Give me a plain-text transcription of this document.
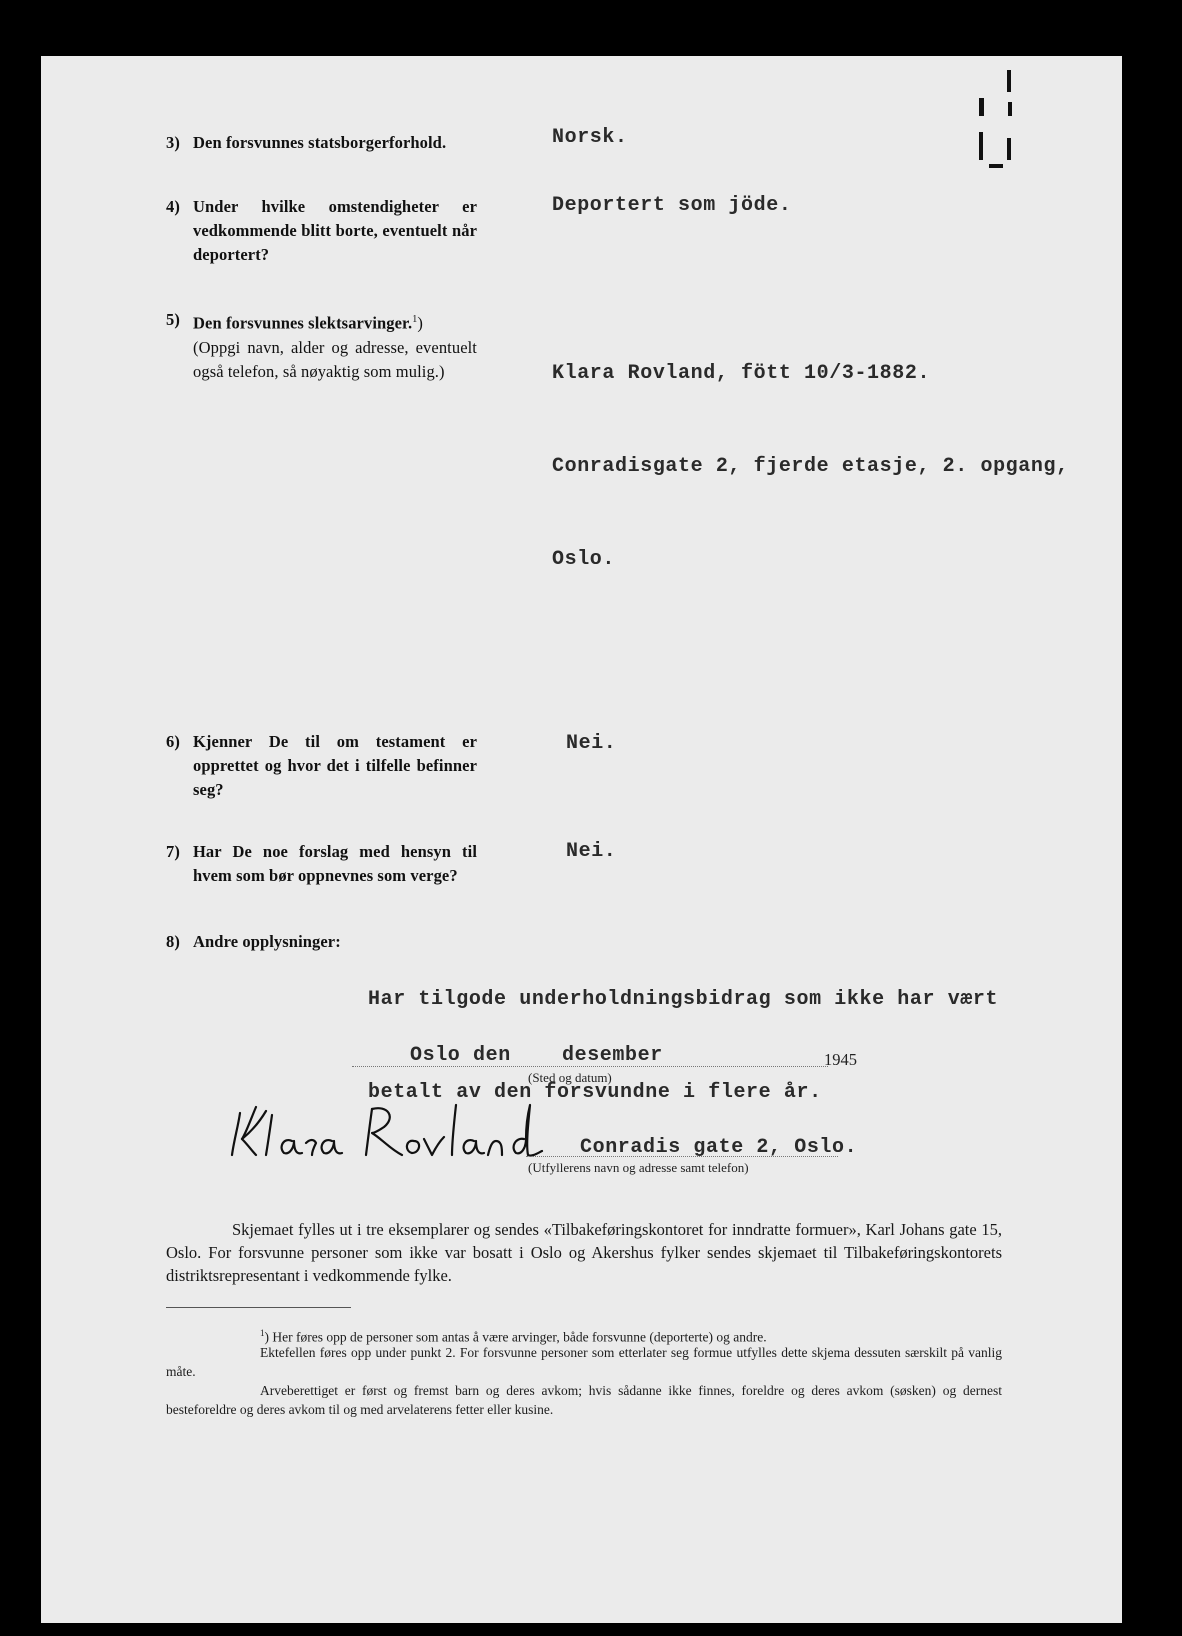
3) Den forsvunnes statsborgerforhold.	Norsk.
4) Under hvilke omstendigheter er vedkommende blitt borte, eventuelt når deportert?
Deportert som jöde.
5) Den forsvunnes slektsarvinger.$^1$)
(Oppgi navn, alder og adresse, eventuelt også telefon, så nøyaktig som mulig.)

	Klara Rovland, fött 10/3-1882.

Conradisgate 2, fjerde etasje, 2. opgang,

Oslo.

6) Kjenner De til om testament er opprettet og hvor det i tilfelle befinner seg?
Nei.
7) Har De noe forslag med hensyn til hvem som bør oppnevnes som verge?
Nei.
8) Andre opplysninger:

Har tilgode underholdningsbidrag som ikke har vært

betalt av den forsvundne i flere år.

Oslo den	desember	1945
(Sted og datum)
Conradis gate 2, Oslo.
(Utfyllerens navn og adresse samt telefon)
Skjemaet fylles ut i tre eksemplarer og sendes «Tilbakeføringskontoret for inndratte formuer», Karl Johans gate 15, Oslo. For forsvunne personer som ikke var bosatt i Oslo og Akershus fylker sendes skjemaet til Tilbakeføringskontorets distriktsrepresentant i vedkommende fylke.
$^1$) Her føres opp de personer som antas å være arvinger, både forsvunne (deporterte) og andre.
Ektefellen føres opp under punkt 2. For forsvunne personer som etterlater seg formue utfylles dette skjema dessuten særskilt på vanlig måte.
Arveberettiget er først og fremst barn og deres avkom; hvis sådanne ikke finnes, foreldre og deres avkom (søsken) og dernest besteforeldre og deres avkom til og med arvelaterens fetter eller kusine.
